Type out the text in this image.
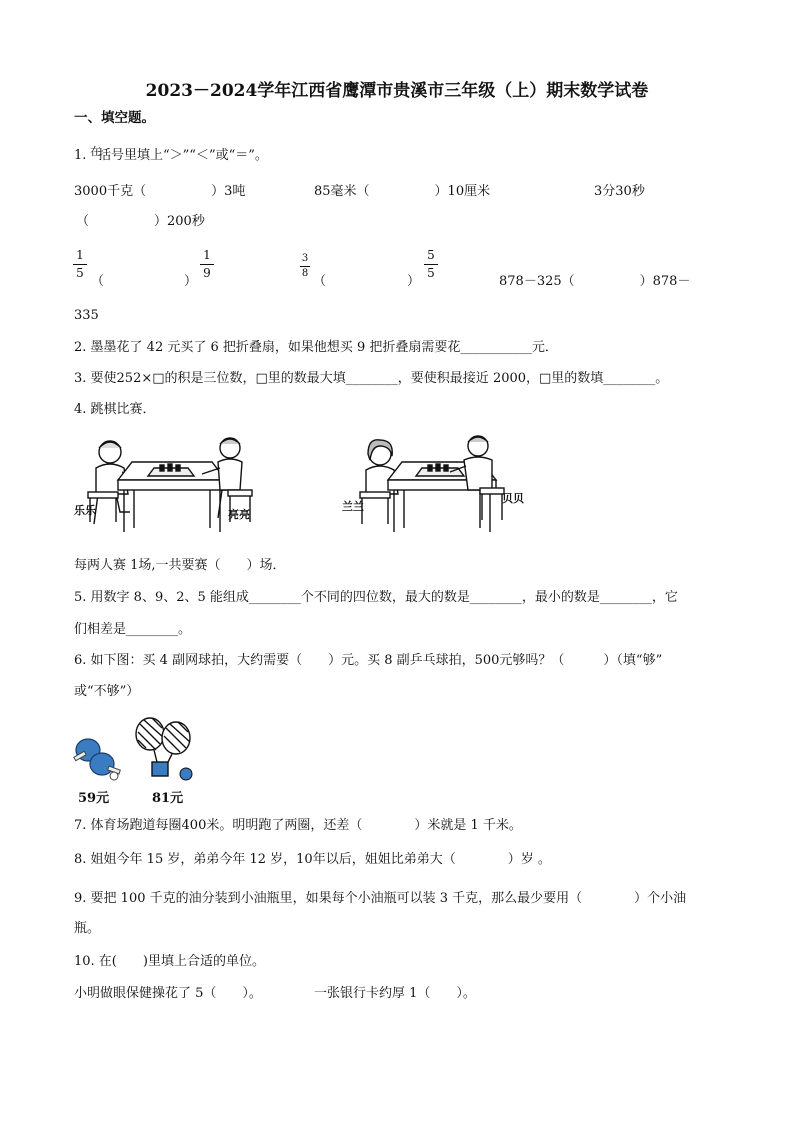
2023－2024学年江西省鹰潭市贵溪市三年级（上）期末数学试卷
一、填空题。
1. 在
括号里填上“＞”“＜”或“＝”。
3000千克（　　　　　）3吨	85毫米（　　　　　）10厘米	3分30秒
（　　　　　）200秒
1
5
（	）
1
9
3
8
（	）
5
5
878－325（　　　　　）878－
335
2. 墨墨花了 42 元买了 6 把折叠扇，如果他想买 9 把折叠扇需要花___________元．
3. 要使252×□的积是三位数，□里的数最大填________，要使积最接近 2000，□里的数填________。
4. 跳棋比赛．
乐乐	亮亮
兰兰
贝贝
每两人赛 1场,一共要赛（　　）场．
5. 用数字 8、9、2、5 能组成________个不同的四位数，最大的数是________，最小的数是________，它
们相差是________。
6. 如下图：买 4 副网球拍，大约需要（　　）元。买 8 副乒乓球拍，500元够吗？（　　　）（填“够”
或“不够”）
59元	81元
7. 体育场跑道每圈400米。明明跑了两圈，还差（　　　　）米就是 1 千米。
8. 姐姐今年 15 岁，弟弟今年 12 岁，10年以后，姐姐比弟弟大（　　　　）岁 。
9. 要把 100 千克的油分装到小油瓶里，如果每个小油瓶可以装 3 千克，那么最少要用（　　　　）个小油
瓶。
10. 在(　　)里填上合适的单位。
小明做眼保健操花了 5（　　）。	一张银行卡约厚 1（　　）。
